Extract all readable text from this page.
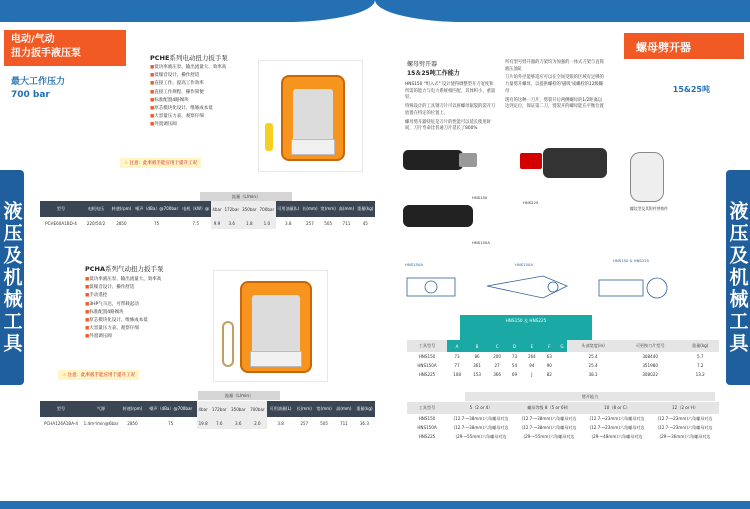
电动/气动
扭力扳手液压泵
最大工作压力
700 bar
液压及机械工具
PCHE系列电动扭力扳手泵
■ 低功率液压泵、输出流量大、效率高
■ 低噪音设计、操作舒适
■ 直接工作、提高工作效率
■ 直接工作规程、操作简便
■ 标准配置4路阀块
■ 原芯模块化设计、维修成本低
■ 大容量压力表、观察仔细
■ 外置调压阀
⚠ 注意：此率扳手能应用于提升工况
流量（L/min）
型号	电机电压	转速(rpm)	噪声（dBa）@700bar	电机（kW）@	4bar	172bar	350bar	700bar	可用油量(L)	长(mm)	宽(mm)	高(mm)	重量(kg)
PCHE60A1BD-4	220/50/2	2850	75	7.5	9.9	3.6	1.8	1.0	3.8	257	505	711	45
PCHA系列气动扭力扳手泵
■ 低功率液压泵、输出流量大、效率高
■ 低噪音设计、操作舒适
■ 手动遥控
■ 3HP气马达，可带载起动
■ 标准配置4路阀块
■ 原芯模块化设计、维修成本低
■ 大容量压力表、观察仔细
■ 外置调压阀
⚠ 注意：此率扳手能应用于提升工况
流量（L/min）
型号	气源	转速(rpm)	噪声（dBa）@700bar	4bar	172bar	350bar	700bar	可用油量(L)	长(mm)	宽(mm)	高(mm)	重量(kg)
PCHA126A1BA-4	1.4m³/min@6bar	2850	75	19.8	7.6	3.6	2.0	3.8	257	505	711	36.3
螺母劈开器
15&25吨
液压及机械工具
螺母劈开器
15＆25吨工作能力

HNS150 "组入式" 设计使得调整型开刀宽度和所需的能力与电力系统相匹配，其体积小，重量轻。

特殊设计的工具钢刀片可以将螺母锯裂的裂开刀放置在特定的位置上。

螺母劈开器特征是刀片的性能可以延长使用时间，刀片寿命比普通刀片延长了800%

所有型号劈开器的刀架均为加强的一体式刀架与直筒液压油缸

刀片的外径能够适应可以在空间受限的区域有足够的力量劈开螺母，以提供螺栓的'磁吸'成螺栓的12级螺母

现有的这种一刀片，劈裂开后两侧螺母的1/2距离以达到定位，保证第二刀，劈裂开的螺母能在平衡位置

HNS150
HNS225
HNS150A
螺纹型及其附件替换件
HNS150A	HNS150A
HNS150 & HNS225
HNS150 及 HNS225
工具型号	A	B	C	D	E	F	G	头部宽度(in)	可更换刀片型号	重量(kg)
HNS150	73	86	200	73	264	63		25.4	308440	5.7
HNS150A	77	361	27	54	94	90		25.4	351980	7.2
HNS225	108	153	366	69	J	82		38.1	308022	13.2
劈开能力
工具型号	5（2 or 4）	螺母等级 8（5 or 6H）	10（8 or C）	12（2 or H）
HNS150	(12.7-~38mm)六角螺母对边	(12.7-~38mm)六角螺母对边	(12.7-~23mm)六角螺母对边	(12.7-~23mm)六角螺母对边
HNS150A	(12.7-~38mm)六角螺母对边	(12.7-~38mm)六角螺母对边	(12.7-~23mm)六角螺母对边	(12.7-~23mm)六角螺母对边
HNS225	(29-~55mm)六角螺母对边	(29-~55mm)六角螺母对边	(29-~48mm)六角螺母对边	(29-~36mm)六角螺母对边
